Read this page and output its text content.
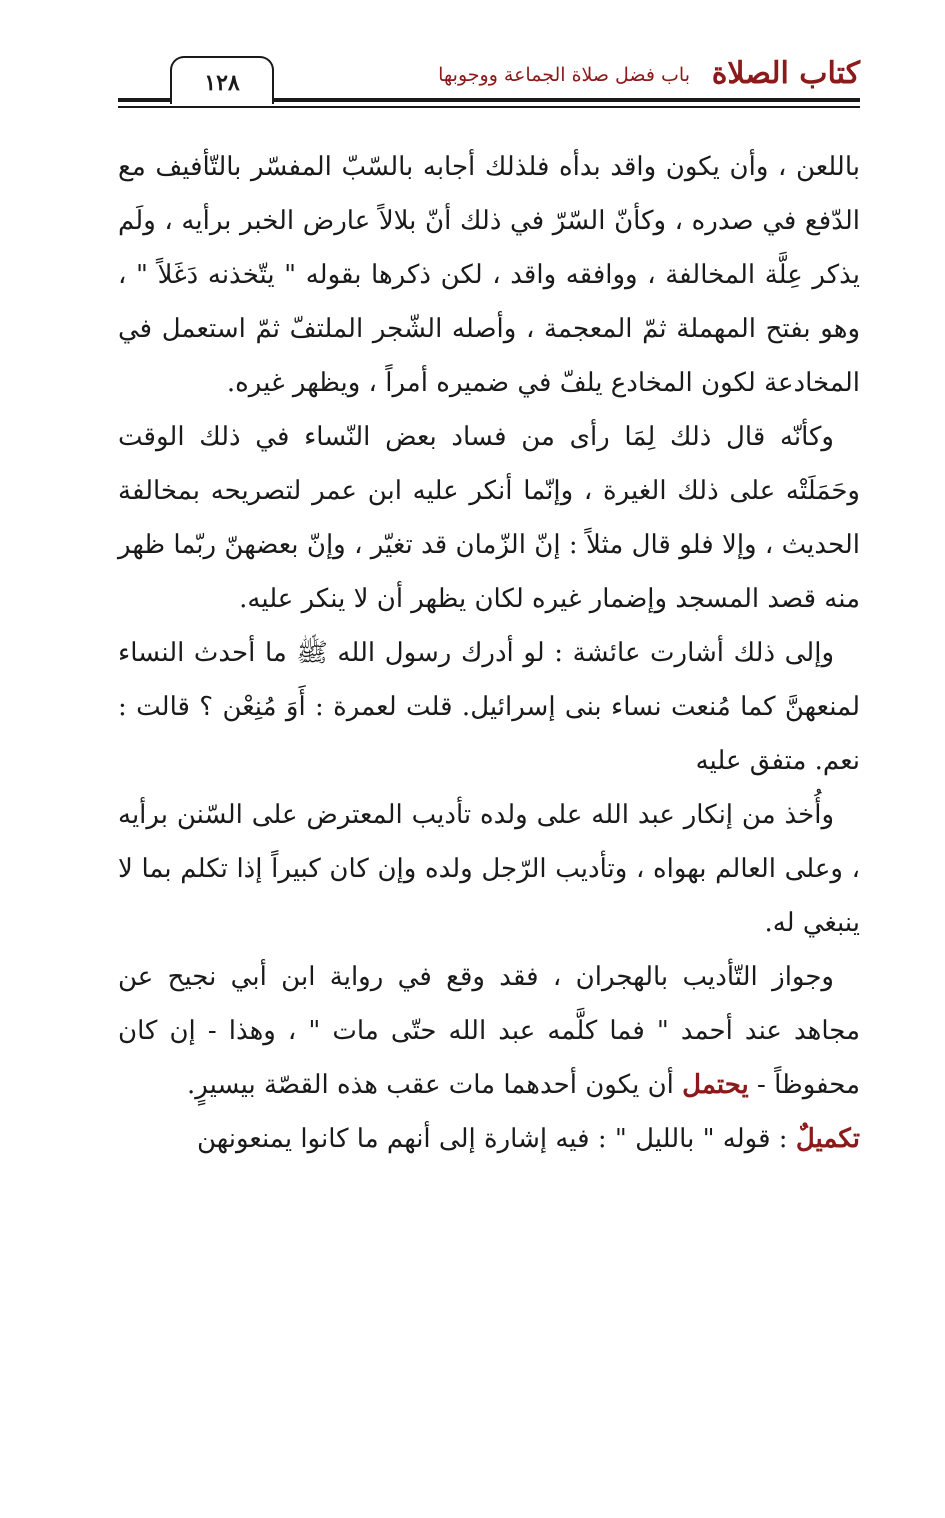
كتاب الصلاة
باب فضل صلاة الجماعة ووجوبها
١٢٨

باللعن ، وأن يكون واقد بدأه فلذلك أجابه بالسّبّ المفسّر بالتّأفيف مع الدّفع في صدره ، وكأنّ السّرّ في ذلك أنّ بلالاً عارض الخبر برأيه ، ولَم يذكر عِلَّة المخالفة ، ووافقه واقد ، لكن ذكرها بقوله " يتّخذنه دَغَلاً " ، وهو بفتح المهملة ثمّ المعجمة ، وأصله الشّجر الملتفّ ثمّ استعمل في المخادعة لكون المخادع يلفّ في ضميره أمراً ، ويظهر غيره.

وكأنّه قال ذلك لِمَا رأى من فساد بعض النّساء في ذلك الوقت وحَمَلَتْه على ذلك الغيرة ، وإنّما أنكر عليه ابن عمر لتصريحه بمخالفة الحديث ، وإلا فلو قال مثلاً : إنّ الزّمان قد تغيّر ، وإنّ بعضهنّ ربّما ظهر منه قصد المسجد وإضمار غيره لكان يظهر أن لا ينكر عليه.

وإلى ذلك أشارت عائشة : لو أدرك رسول الله ﷺ ما أحدث النساء لمنعهنَّ كما مُنعت نساء بنى إسرائيل. قلت لعمرة : أَوَ مُنِعْن ؟ قالت : نعم. متفق عليه

وأُخذ من إنكار عبد الله على ولده تأديب المعترض على السّنن برأيه ، وعلى العالم بهواه ، وتأديب الرّجل ولده وإن كان كبيراً إذا تكلم بما لا ينبغي له.

وجواز التّأديب بالهجران ، فقد وقع في رواية ابن أبي نجيح عن مجاهد عند أحمد " فما كلَّمه عبد الله حتّى مات " ، وهذا - إن كان محفوظاً - يحتمل أن يكون أحدهما مات عقب هذه القصّة بيسيرٍ.

تكميلٌ : قوله " بالليل " : فيه إشارة إلى أنهم ما كانوا يمنعونهن
